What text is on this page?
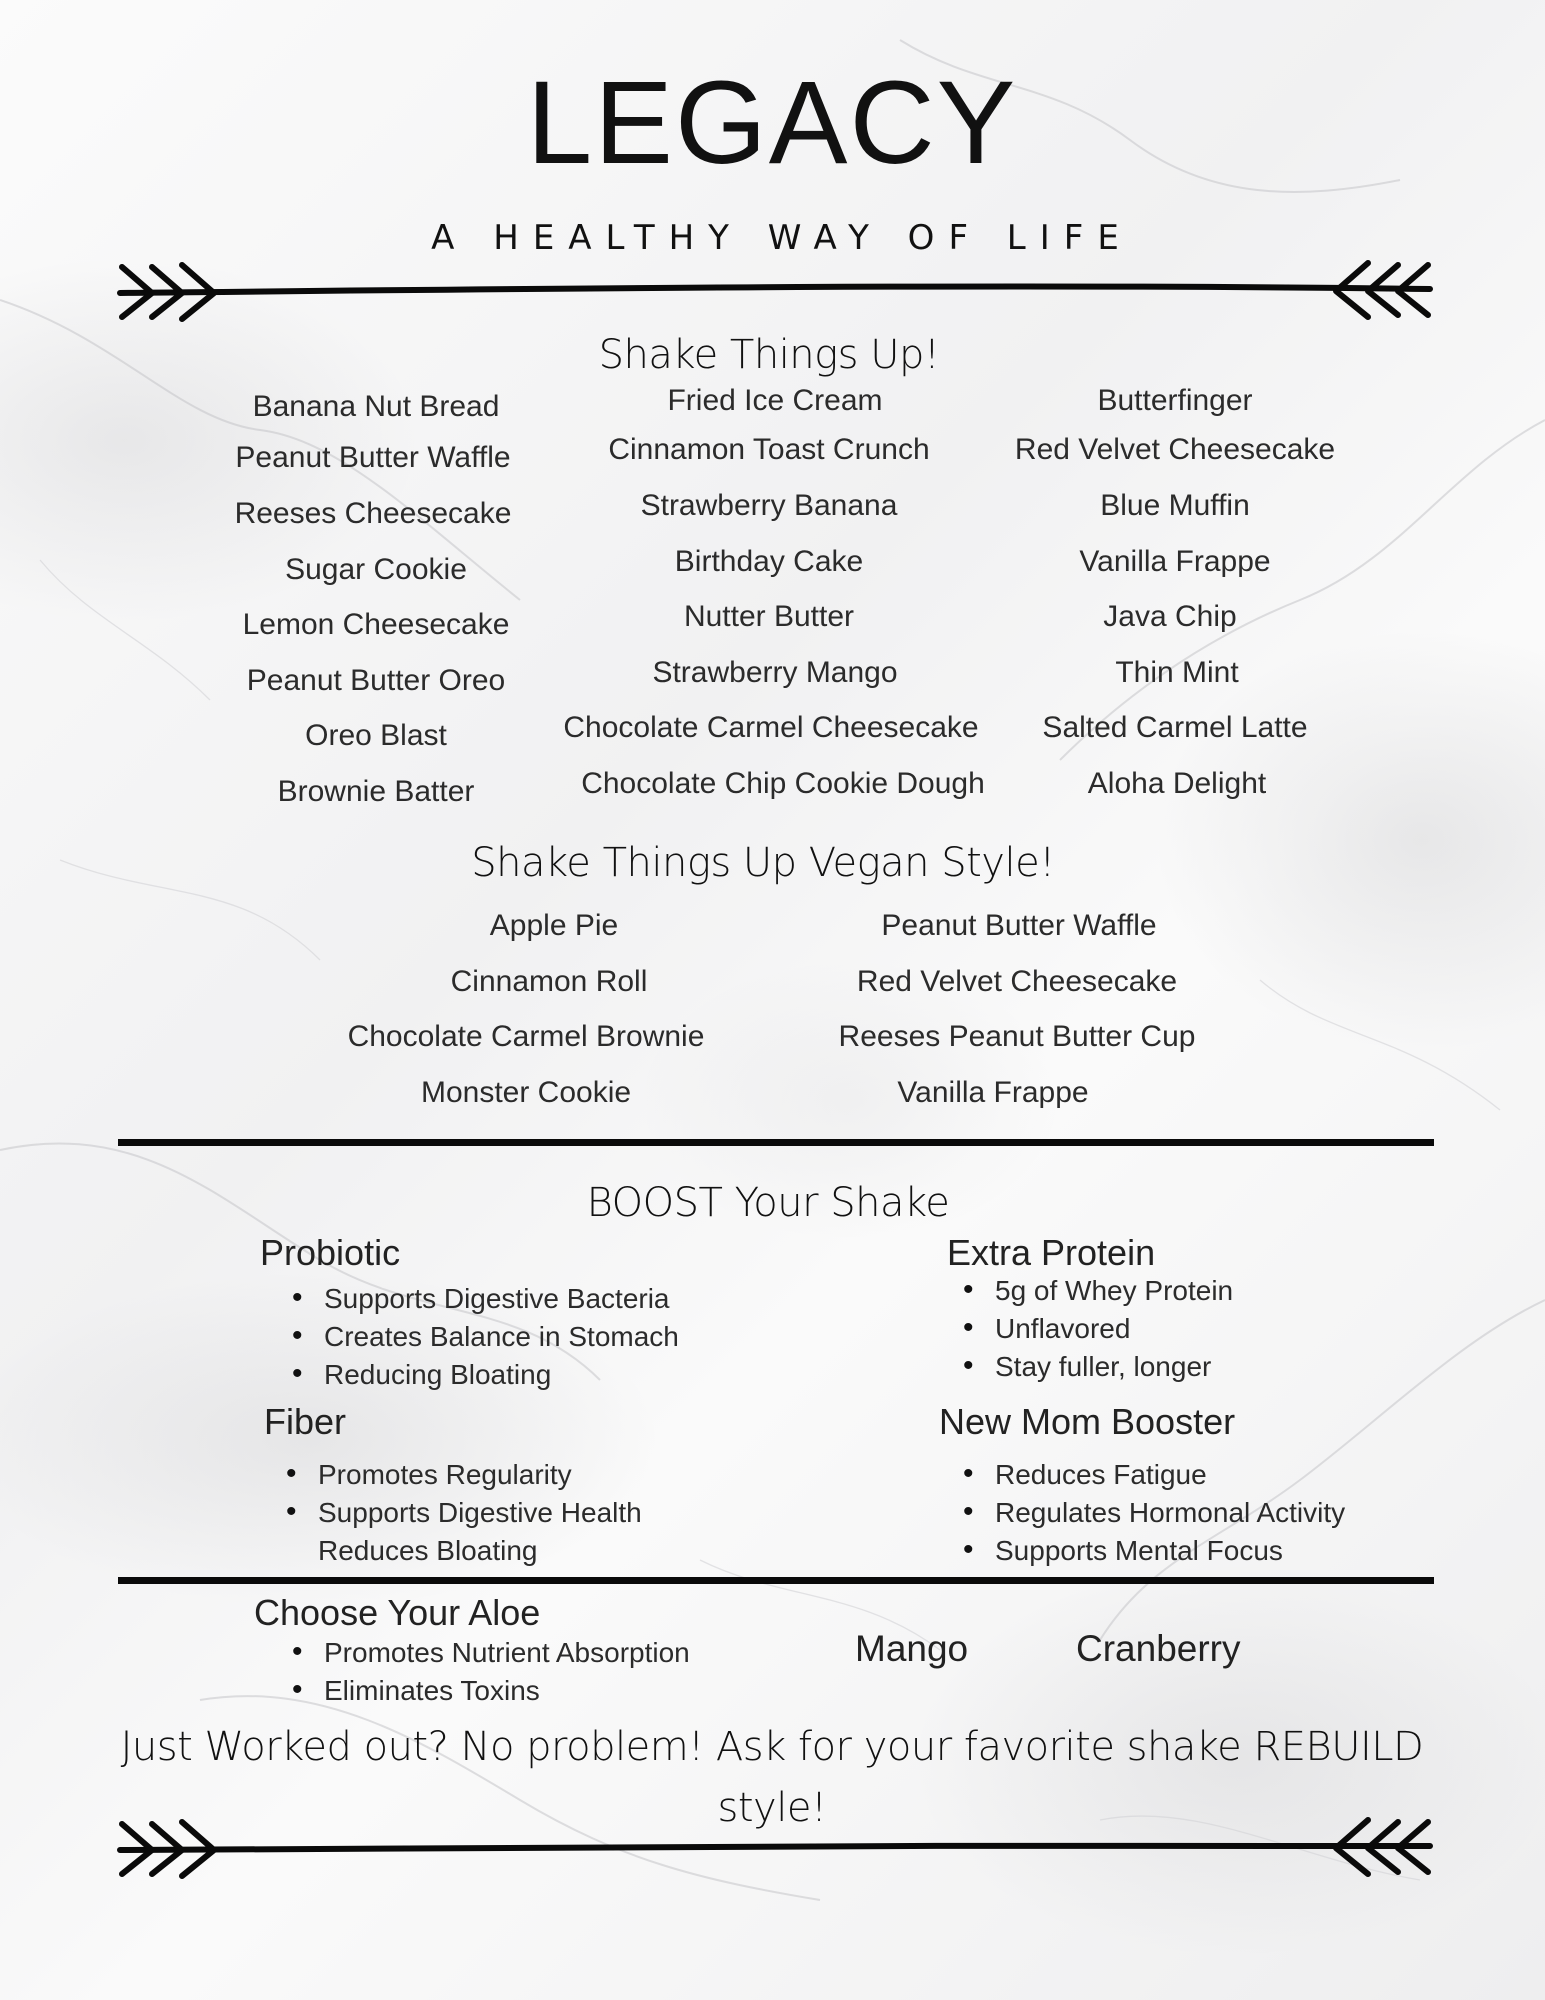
LEGACY
A HEALTHY WAY OF LIFE
Shake Things Up!
Banana Nut Bread
Peanut Butter Waffle
Reeses Cheesecake
Sugar Cookie
Lemon Cheesecake
Peanut Butter Oreo
Oreo Blast
Brownie Batter
Fried Ice Cream
Cinnamon Toast Crunch
Strawberry Banana
Birthday Cake
Nutter Butter
Strawberry Mango
Chocolate Carmel Cheesecake
Chocolate Chip Cookie Dough
Butterfinger
Red Velvet Cheesecake
Blue Muffin
Vanilla Frappe
Java Chip
Thin Mint
Salted Carmel Latte
Aloha Delight
Shake Things Up Vegan Style!
Apple Pie
Cinnamon Roll
Chocolate Carmel Brownie
Monster Cookie
Peanut Butter Waffle
Red Velvet Cheesecake
Reeses Peanut Butter Cup
Vanilla Frappe
BOOST Your Shake
Probiotic
• Supports Digestive Bacteria
• Creates Balance in Stomach
• Reducing Bloating
Extra Protein
• 5g of Whey Protein
• Unflavored
• Stay fuller, longer
Fiber
• Promotes Regularity
• Supports Digestive Health
Reduces Bloating
New Mom Booster
• Reduces Fatigue
• Regulates Hormonal Activity
• Supports Mental Focus
Choose Your Aloe
• Promotes Nutrient Absorption
• Eliminates Toxins
Mango	Cranberry
Just Worked out? No problem! Ask for your favorite shake REBUILD
style!
